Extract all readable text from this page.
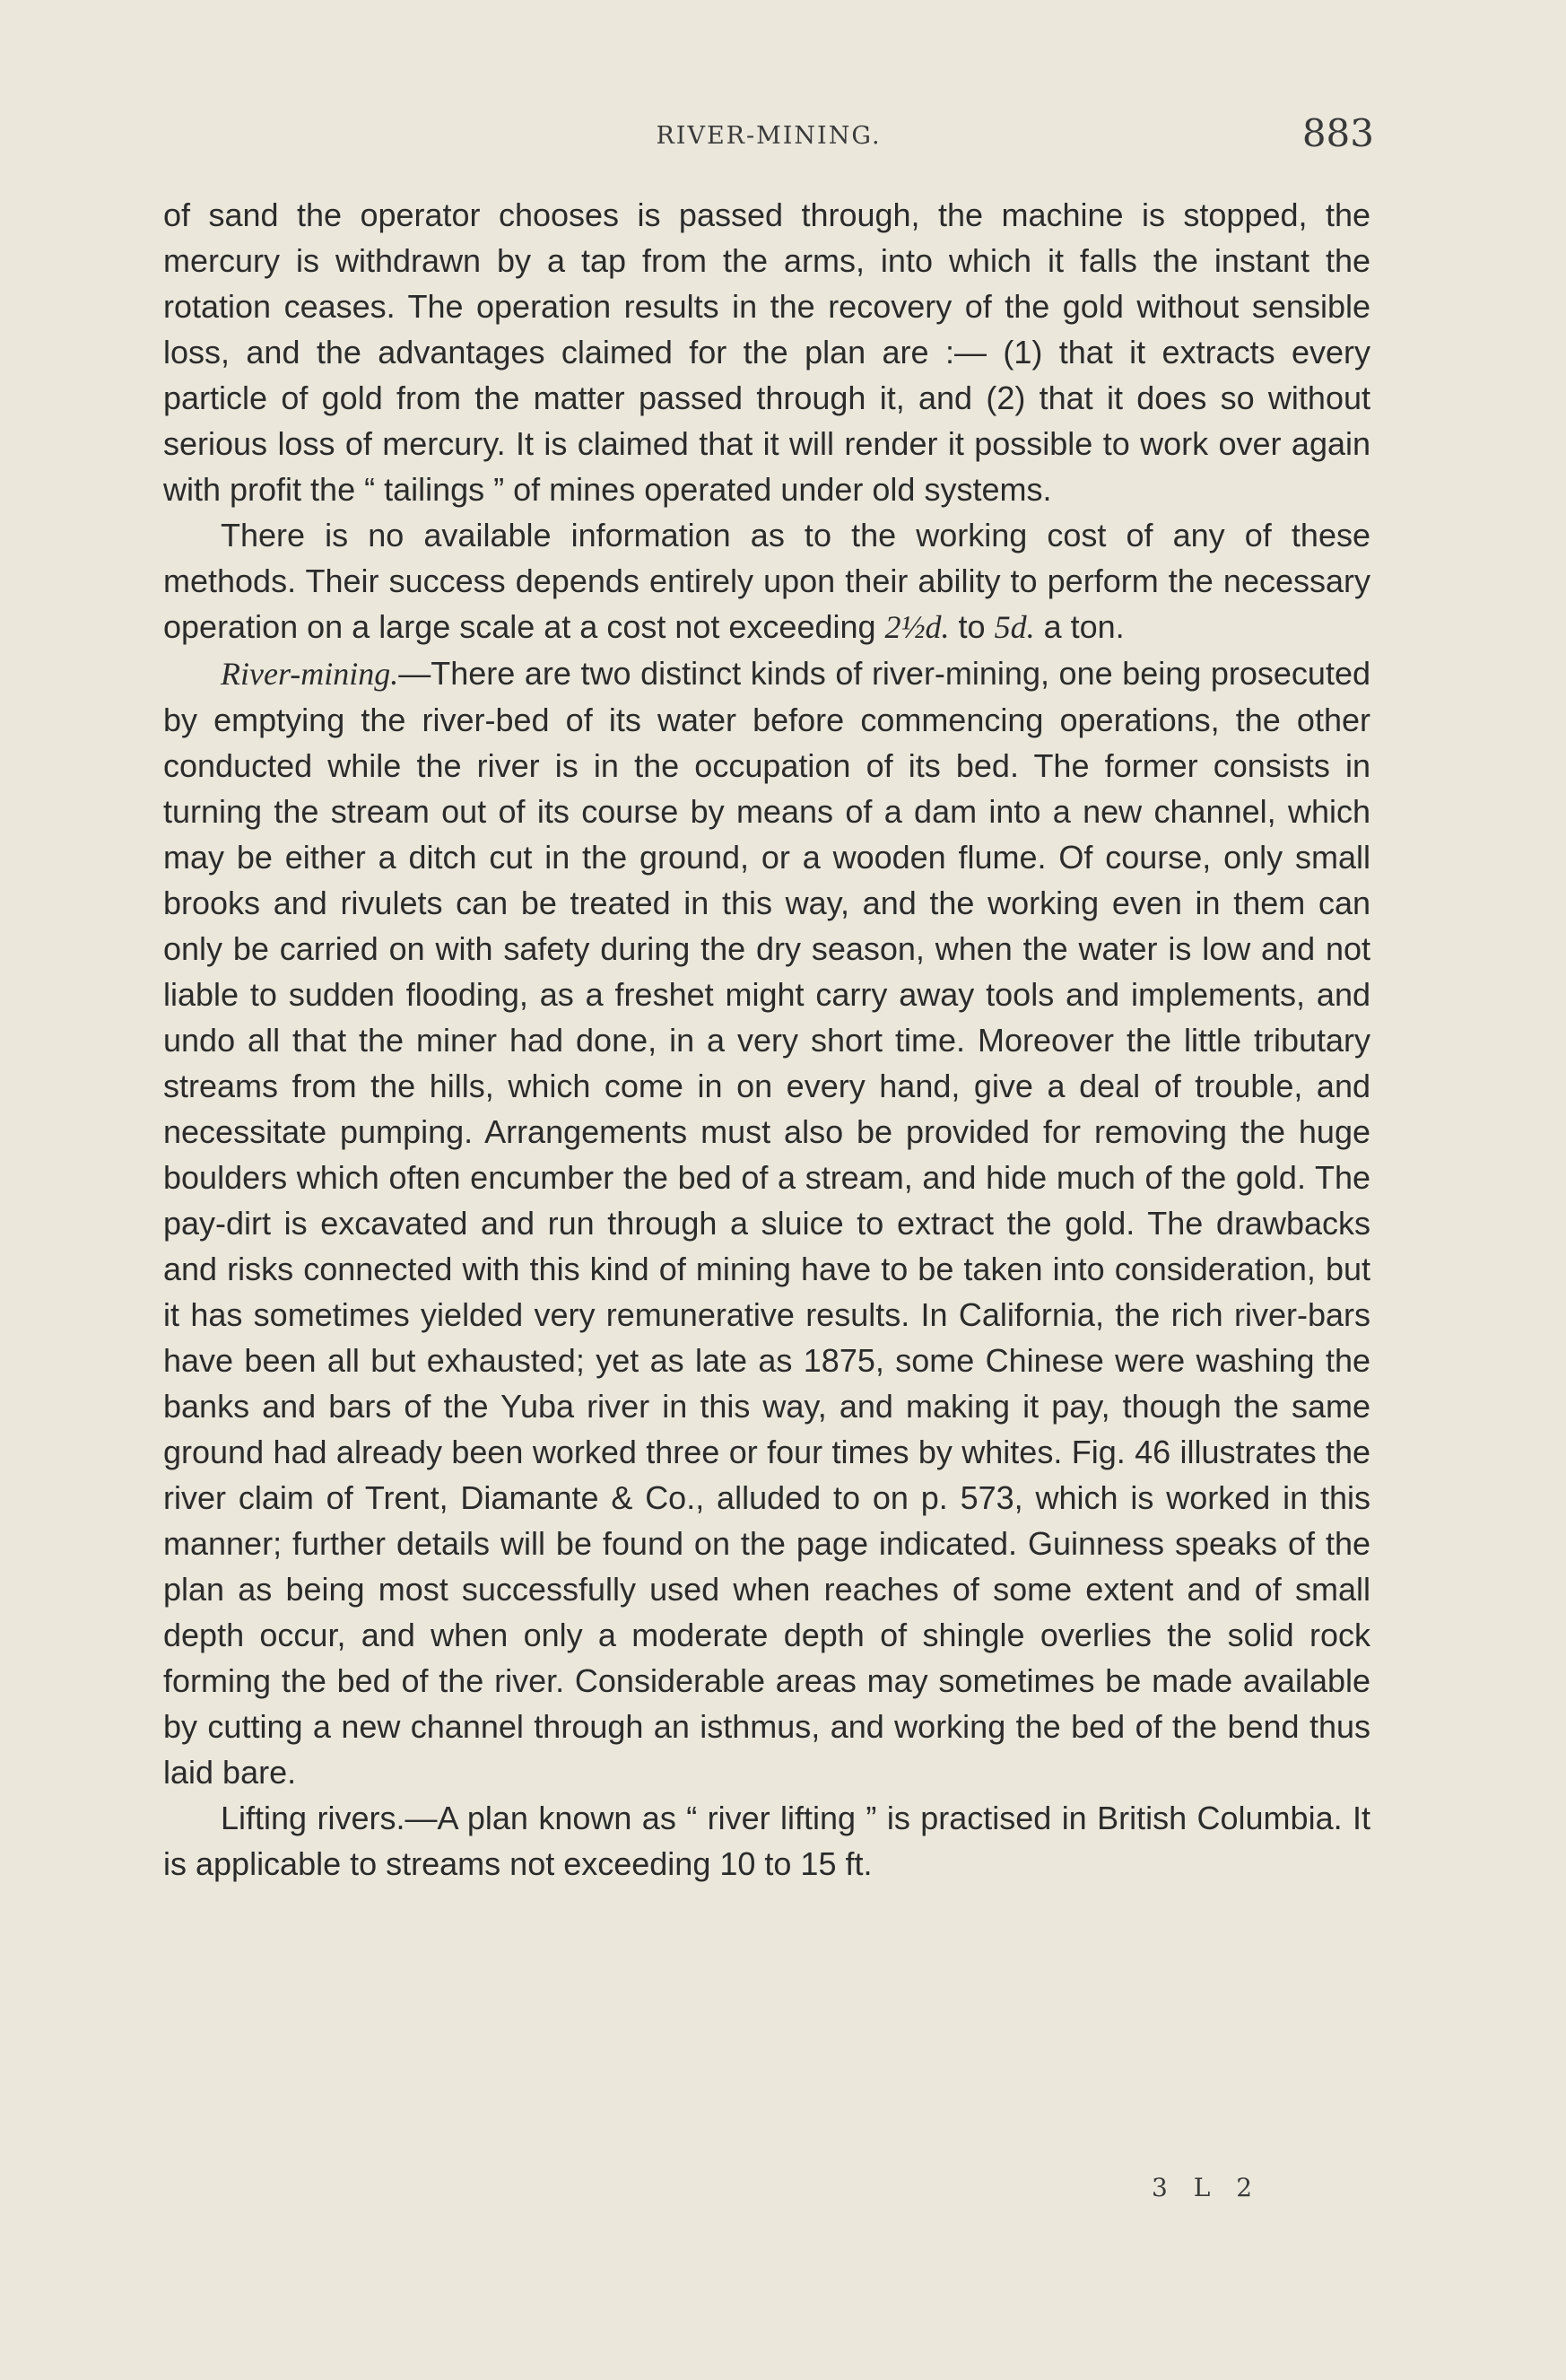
RIVER-MINING.	883

of sand the operator chooses is passed through, the machine is stopped, the mercury is withdrawn by a tap from the arms, into which it falls the instant the rotation ceases. The operation results in the recovery of the gold without sensible loss, and the advantages claimed for the plan are :— (1) that it extracts every particle of gold from the matter passed through it, and (2) that it does so without serious loss of mercury. It is claimed that it will render it possible to work over again with profit the “ tailings ” of mines operated under old systems.

There is no available information as to the working cost of any of these methods. Their success depends entirely upon their ability to perform the necessary operation on a large scale at a cost not exceeding 2½d. to 5d. a ton.

River-mining.—There are two distinct kinds of river-mining, one being prosecuted by emptying the river-bed of its water before commencing operations, the other conducted while the river is in the occupation of its bed. The former consists in turning the stream out of its course by means of a dam into a new channel, which may be either a ditch cut in the ground, or a wooden flume. Of course, only small brooks and rivulets can be treated in this way, and the working even in them can only be carried on with safety during the dry season, when the water is low and not liable to sudden flooding, as a freshet might carry away tools and implements, and undo all that the miner had done, in a very short time. Moreover the little tributary streams from the hills, which come in on every hand, give a deal of trouble, and necessitate pumping. Arrangements must also be provided for removing the huge boulders which often encumber the bed of a stream, and hide much of the gold. The pay-dirt is excavated and run through a sluice to extract the gold. The drawbacks and risks connected with this kind of mining have to be taken into consideration, but it has sometimes yielded very remunerative results. In California, the rich river-bars have been all but exhausted; yet as late as 1875, some Chinese were washing the banks and bars of the Yuba river in this way, and making it pay, though the same ground had already been worked three or four times by whites. Fig. 46 illustrates the river claim of Trent, Diamante & Co., alluded to on p. 573, which is worked in this manner; further details will be found on the page indicated. Guinness speaks of the plan as being most successfully used when reaches of some extent and of small depth occur, and when only a moderate depth of shingle overlies the solid rock forming the bed of the river. Considerable areas may sometimes be made available by cutting a new channel through an isthmus, and working the bed of the bend thus laid bare.

Lifting rivers.—A plan known as “ river lifting ” is practised in British Columbia. It is applicable to streams not exceeding 10 to 15 ft.

3 L 2
